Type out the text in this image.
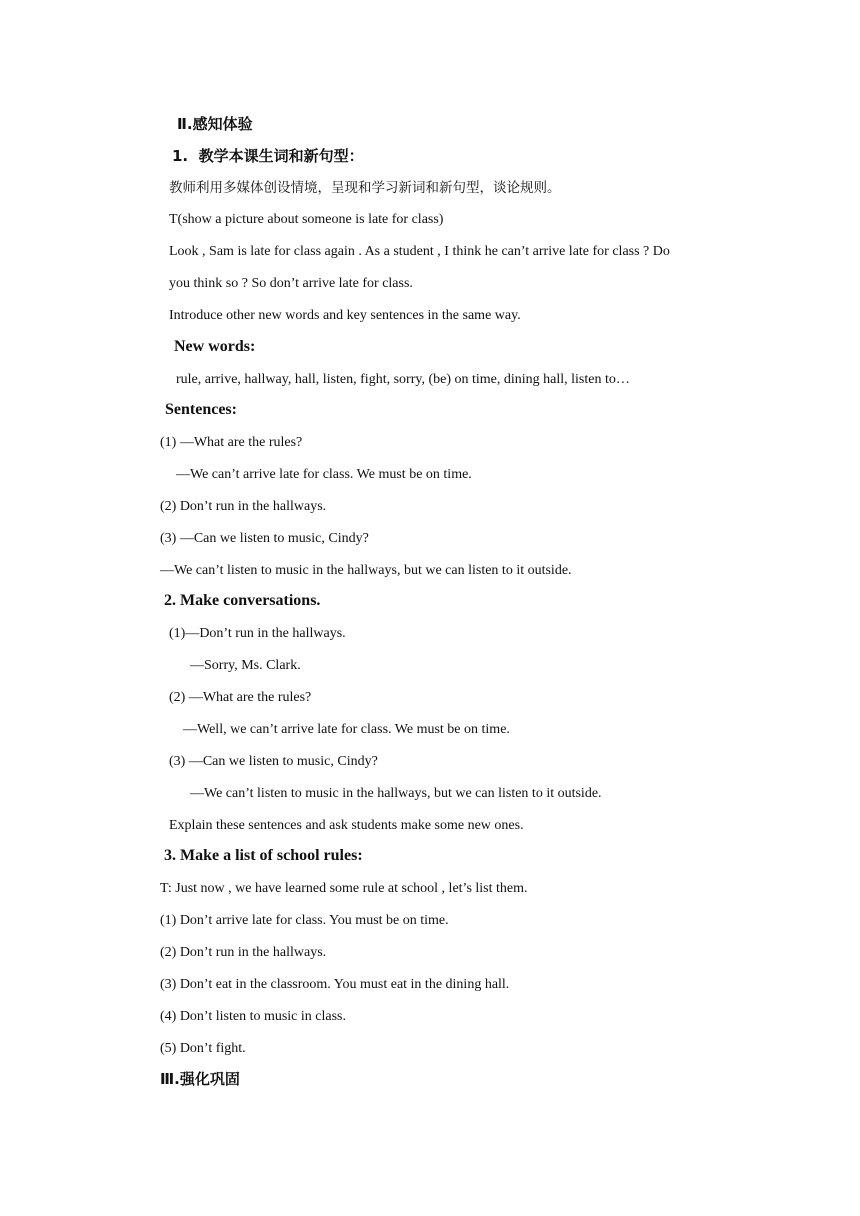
Ⅱ.感知体验
1.  教学本课生词和新句型：
教师利用多媒体创设情境，呈现和学习新词和新句型，谈论规则。
T(show a picture about someone is late for class)
Look , Sam is late for class again . As a student , I think he can’t arrive late for class ? Do
you think so ? So don’t arrive late for class.
Introduce other new words and key sentences in the same way.
New words:
rule, arrive, hallway, hall, listen, fight, sorry, (be) on time, dining hall, listen to…
Sentences:
(1) —What are the rules?
—We can’t arrive late for class. We must be on time.
(2) Don’t run in the hallways.
(3) —Can we listen to music, Cindy?
—We can’t listen to music in the hallways, but we can listen to it outside.
2. Make conversations.
(1)—Don’t run in the hallways.
—Sorry, Ms. Clark.
(2) —What are the rules?
—Well, we can’t arrive late for class. We must be on time.
(3) —Can we listen to music, Cindy?
—We can’t listen to music in the hallways, but we can listen to it outside.
Explain these sentences and ask students make some new ones.
3. Make a list of school rules:
T: Just now , we have learned some rule at school , let’s list them.
(1) Don’t arrive late for class. You must be on time.
(2) Don’t run in the hallways.
(3) Don’t eat in the classroom. You must eat in the dining hall.
(4) Don’t listen to music in class.
(5) Don’t fight.
Ⅲ.强化巩固
